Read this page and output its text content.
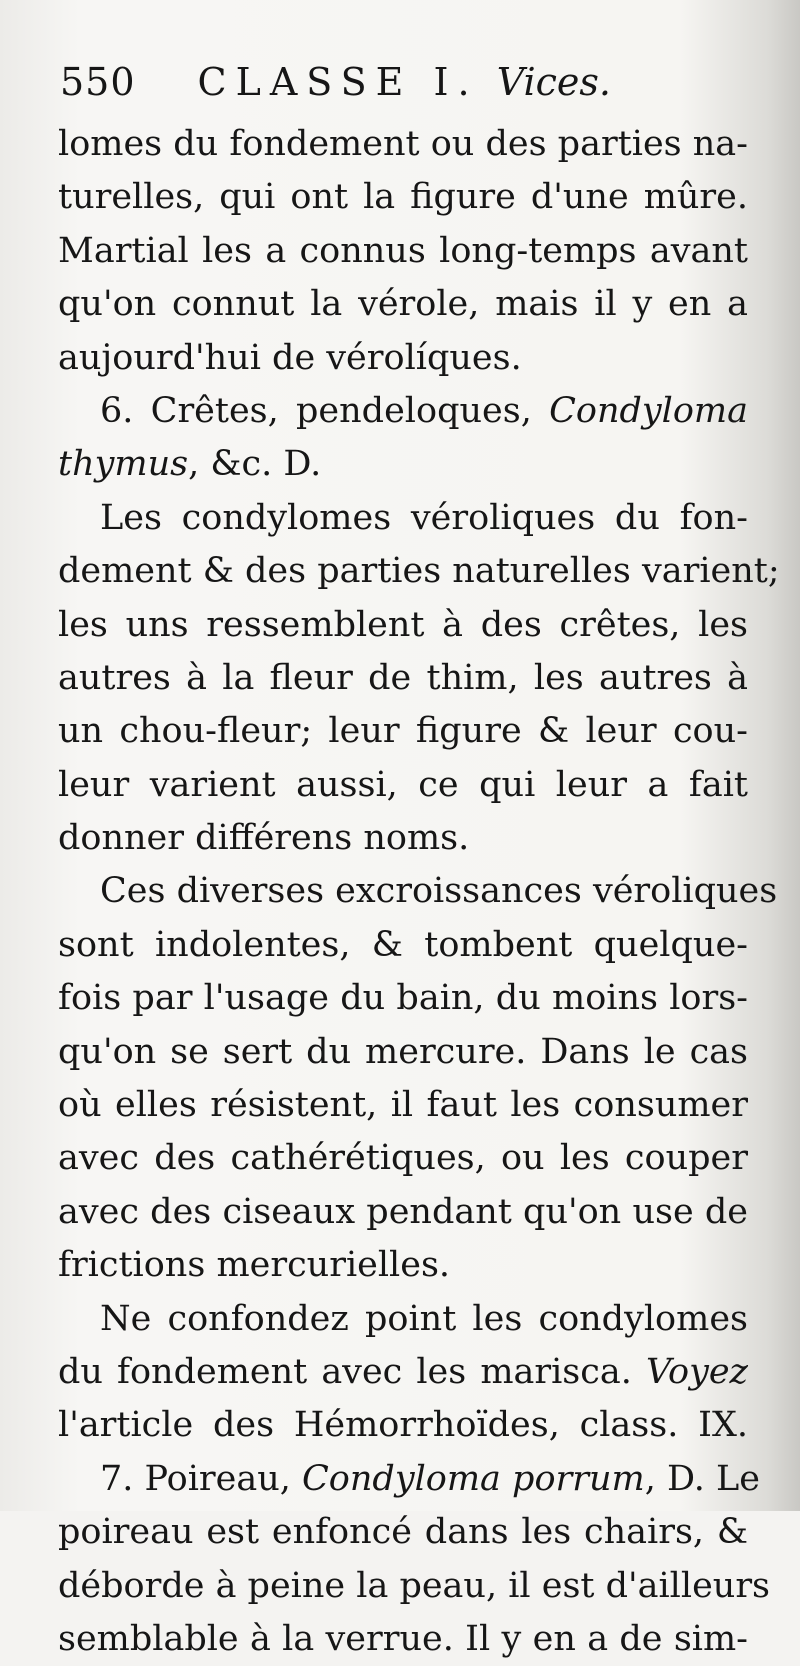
550 CLASSE I. Vices.
lomes du fondement ou des parties na-
turelles, qui ont la figure d'une mûre.
Martial les a connus long-temps avant
qu'on connut la vérole, mais il y en a
aujourd'hui de vérolíques.
6. Crêtes, pendeloques, Condyloma
thymus, &c. D.
Les condylomes véroliques du fon-
dement & des parties naturelles varient;
les uns ressemblent à des crêtes, les
autres à la fleur de thim, les autres à
un chou-fleur; leur figure & leur cou-
leur varient aussi, ce qui leur a fait
donner différens noms.
Ces diverses excroissances véroliques
sont indolentes, & tombent quelque-
fois par l'usage du bain, du moins lors-
qu'on se sert du mercure. Dans le cas
où elles résistent, il faut les consumer
avec des cathérétiques, ou les couper
avec des ciseaux pendant qu'on use de
frictions mercurielles.
Ne confondez point les condylomes
du fondement avec les marisca. Voyez
l'article des Hémorrhoïdes, class. IX.
7. Poireau, Condyloma porrum, D. Le
poireau est enfoncé dans les chairs, &
déborde à peine la peau, il est d'ailleurs
semblable à la verrue. Il y en a de sim-
